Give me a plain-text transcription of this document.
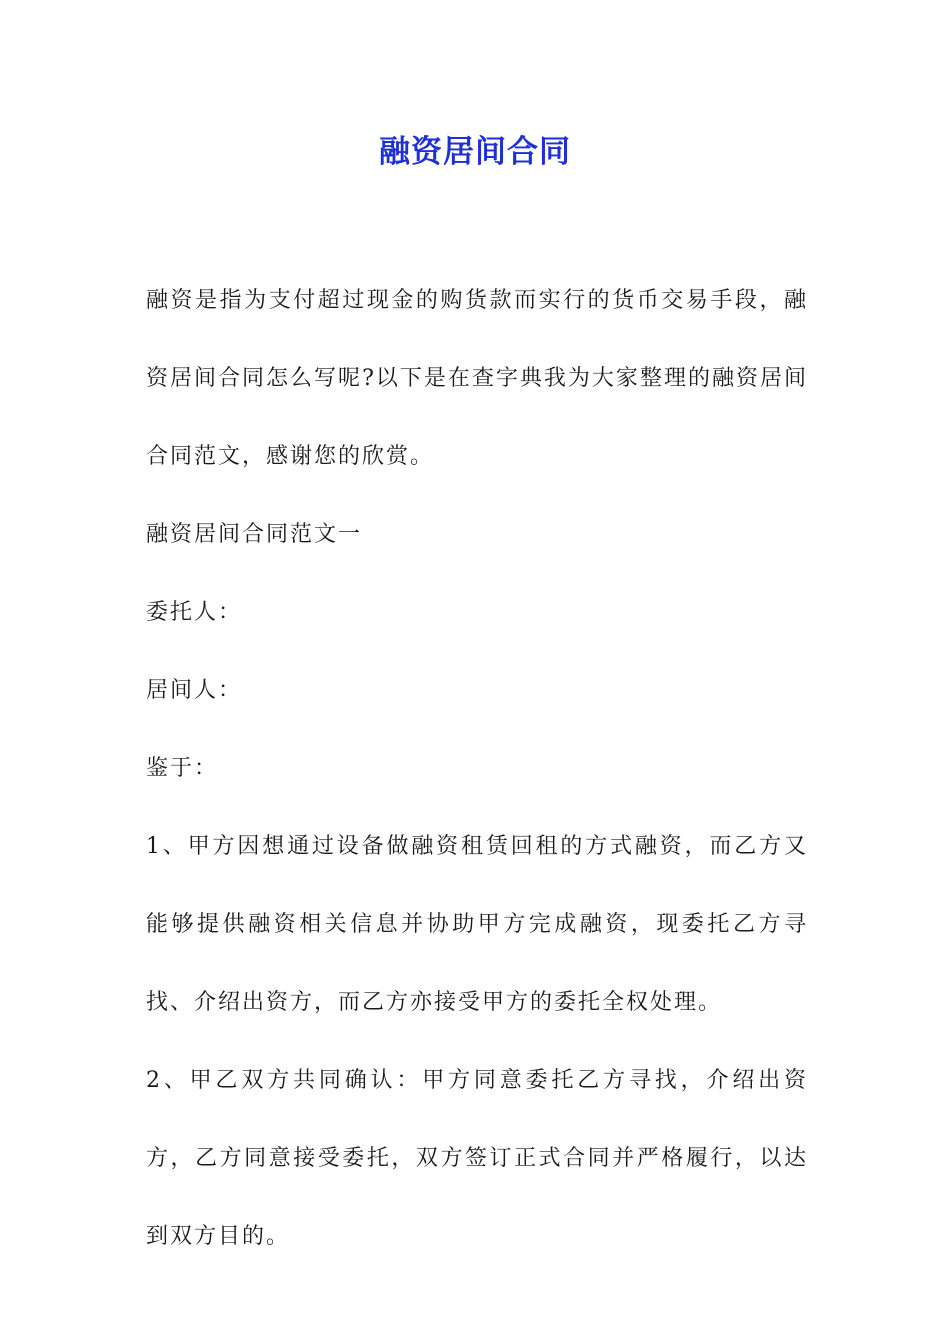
融资居间合同

融资是指为支付超过现金的购货款而实行的货币交易手段，融资居间合同怎么写呢?以下是在查字典我为大家整理的融资居间合同范文，感谢您的欣赏。

融资居间合同范文一

委托人：

居间人：

鉴于：

1、甲方因想通过设备做融资租赁回租的方式融资，而乙方又能够提供融资相关信息并协助甲方完成融资，现委托乙方寻找、介绍出资方，而乙方亦接受甲方的委托全权处理。

2、甲乙双方共同确认：甲方同意委托乙方寻找，介绍出资方，乙方同意接受委托，双方签订正式合同并严格履行，以达到双方目的。
